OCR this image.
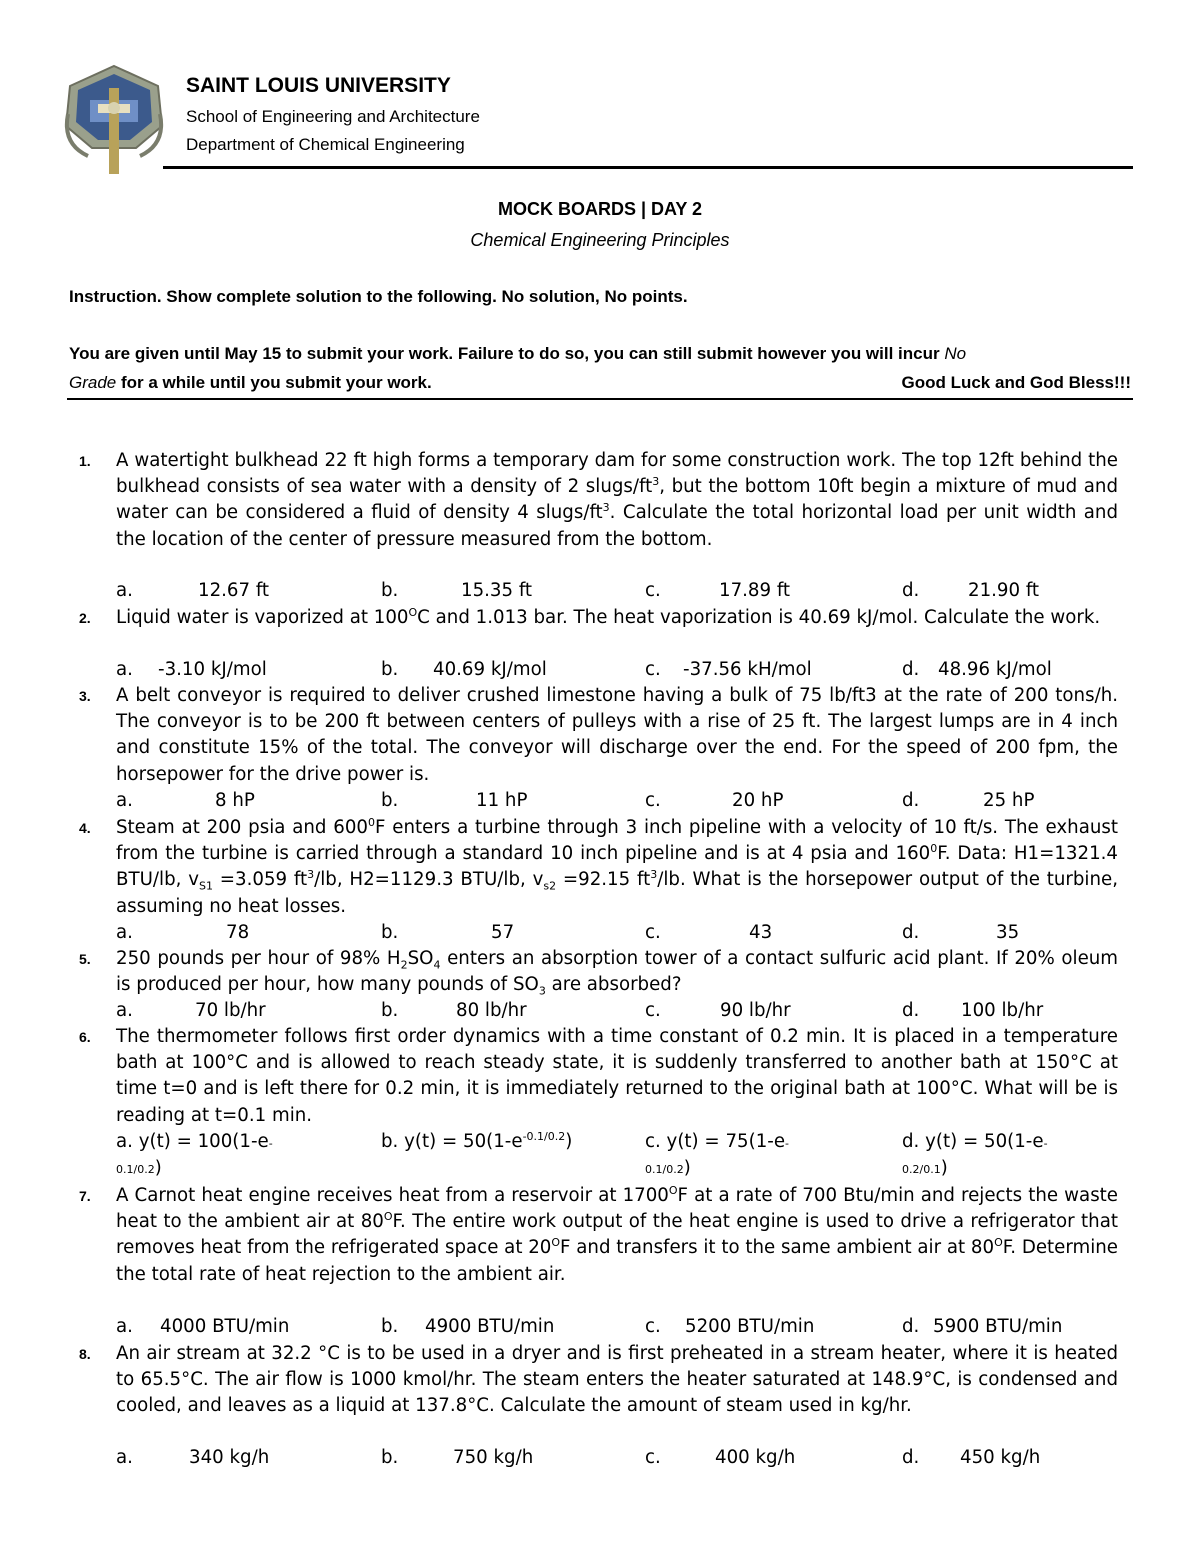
SAINT LOUIS UNIVERSITY
School of Engineering and Architecture
Department of Chemical Engineering
MOCK BOARDS | DAY 2
Chemical Engineering Principles
Instruction. Show complete solution to the following. No solution, No points.
You are given until May 15 to submit your work. Failure to do so, you can still submit however you will incur No
Grade for a while until you submit your work.	Good Luck and God Bless!!!
1. A watertight bulkhead 22 ft high forms a temporary dam for some construction work. The top 12ft behind the bulkhead consists of sea water with a density of 2 slugs/$ft^3$, but the bottom 10ft begin a mixture of mud and water can be considered a fluid of density 4 slugs/$ft^3$. Calculate the total horizontal load per unit width and the location of the center of pressure measured from the bottom.
a.	12.67 ft	b.	15.35 ft	c.	17.89 ft	d.	21.90 ft
2. Liquid water is vaporized at $100^OC$ and 1.013 bar. The heat vaporization is 40.69 kJ/mol. Calculate the work.
a. -3.10 kJ/mol	b. 40.69 kJ/mol	c. -37.56 kH/mol	d. 48.96 kJ/mol
3. A belt conveyor is required to deliver crushed limestone having a bulk of 75 lb/ft3 at the rate of 200 tons/h. The conveyor is to be 200 ft between centers of pulleys with a rise of 25 ft. The largest lumps are in 4 inch and constitute 15% of the total. The conveyor will discharge over the end. For the speed of 200 fpm, the horsepower for the drive power is.
a.	8 hP	b.	11 hP	c.	20 hP	d.	25 hP
4. Steam at 200 psia and $600^0F$ enters a turbine through 3 inch pipeline with a velocity of 10 ft/s. The exhaust from the turbine is carried through a standard 10 inch pipeline and is at 4 psia and $160^0F$. Data: H1=1321.4 BTU/lb, $v_{S1} =3.059$ $ft^3/lb$, H2=1129.3 BTU/lb, $v_{s2} =92.15$ $ft^3/lb$. What is the horsepower output of the turbine, assuming no heat losses.
a.	78	b.	57	c.	43	d.	35
5. 250 pounds per hour of 98% $H_2SO_4$ enters an absorption tower of a contact sulfuric acid plant. If 20% oleum is produced per hour, how many pounds of $SO_3$ are absorbed?
a.	70 lb/hr	b.	80 lb/hr	c.	90 lb/hr	d. 100 lb/hr
6. The thermometer follows first order dynamics with a time constant of 0.2 min. It is placed in a temperature bath at 100°C and is allowed to reach steady state, it is suddenly transferred to another bath at 150°C at time t=0 and is left there for 0.2 min, it is immediately returned to the original bath at 100°C. What will be is reading at t=0.1 min.
a. y(t) = 100(1-e-
0.1/0.2)
b. $y(t) = 50(1-e^{-0.1/0.2})$	c. y(t) = 75(1-e-
0.1/0.2)
d. y(t) = 50(1-e-
0.2/0.1)
7. A Carnot heat engine receives heat from a reservoir at $1700^OF$ at a rate of 700 Btu/min and rejects the waste heat to the ambient air at $80^OF$. The entire work output of the heat engine is used to drive a refrigerator that removes heat from the refrigerated space at $20^OF$ and transfers it to the same ambient air at $80^OF$. Determine the total rate of heat rejection to the ambient air.
a. 4000 BTU/min	b. 4900 BTU/min	c. 5200 BTU/min	d. 5900 BTU/min
8. An air stream at 32.2 °C is to be used in a dryer and is first preheated in a stream heater, where it is heated to 65.5°C. The air flow is 1000 kmol/hr. The steam enters the heater saturated at 148.9°C, is condensed and cooled, and leaves as a liquid at 137.8°C. Calculate the amount of steam used in kg/hr.
a.	340 kg/h	b.	750 kg/h	c.	400 kg/h	d. 450 kg/h
